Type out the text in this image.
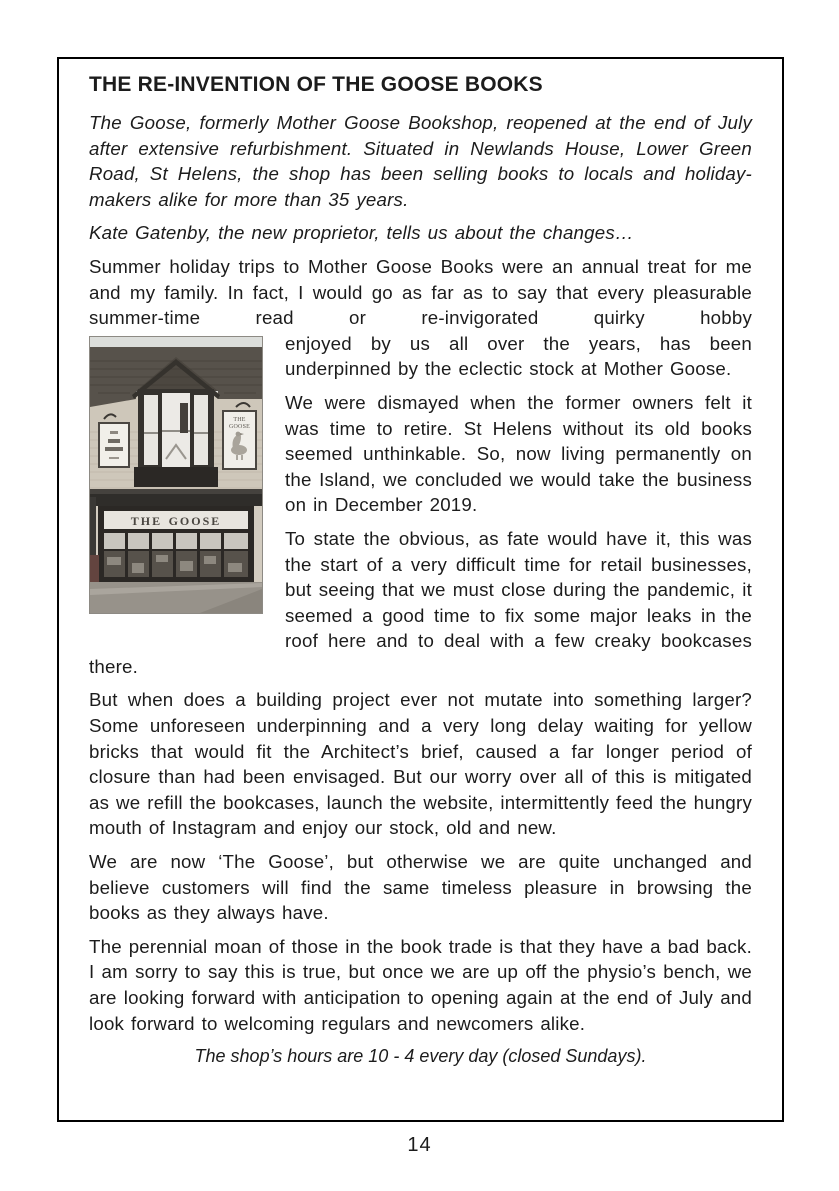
THE RE-INVENTION OF THE GOOSE BOOKS

The Goose, formerly Mother Goose Bookshop, reopened at the end of July after extensive refurbishment. Situated in Newlands House, Lower Green Road, St Helens, the shop has been selling books to locals and holiday-makers alike for more than 35 years.

Kate Gatenby, the new proprietor, tells us about the changes…

Summer holiday trips to Mother Goose Books were an annual treat for me and my family. In fact, I would go as far as to say that every pleasurable summer-time read or re-invigorated quirky hobby

THE
GOOSE
THE GOOSE
enjoyed by us all over the years, has been underpinned by the eclectic stock at Mother Goose.

We were dismayed when the former owners felt it was time to retire. St Helens without its old books seemed unthinkable. So, now living permanently on the Island, we concluded we would take the business on in December 2019.

To state the obvious, as fate would have it, this was the start of a very difficult time for retail businesses, but seeing that we must close during the pandemic, it seemed a good time to fix some major leaks in the roof here and to deal with a few creaky bookcases there.

But when does a building project ever not mutate into something larger? Some unforeseen underpinning and a very long delay waiting for yellow bricks that would fit the Architect’s brief, caused a far longer period of closure than had been envisaged. But our worry over all of this is mitigated as we refill the bookcases, launch the website, intermittently feed the hungry mouth of Instagram and enjoy our stock, old and new.

We are now ‘The Goose’, but otherwise we are quite unchanged and believe customers will find the same timeless pleasure in browsing the books as they always have.

The perennial moan of those in the book trade is that they have a bad back. I am sorry to say this is true, but once we are up off the physio’s bench, we are looking forward with anticipation to opening again at the end of July and look forward to welcoming regulars and newcomers alike.

The shop’s hours are 10 - 4 every day (closed Sundays).

14
